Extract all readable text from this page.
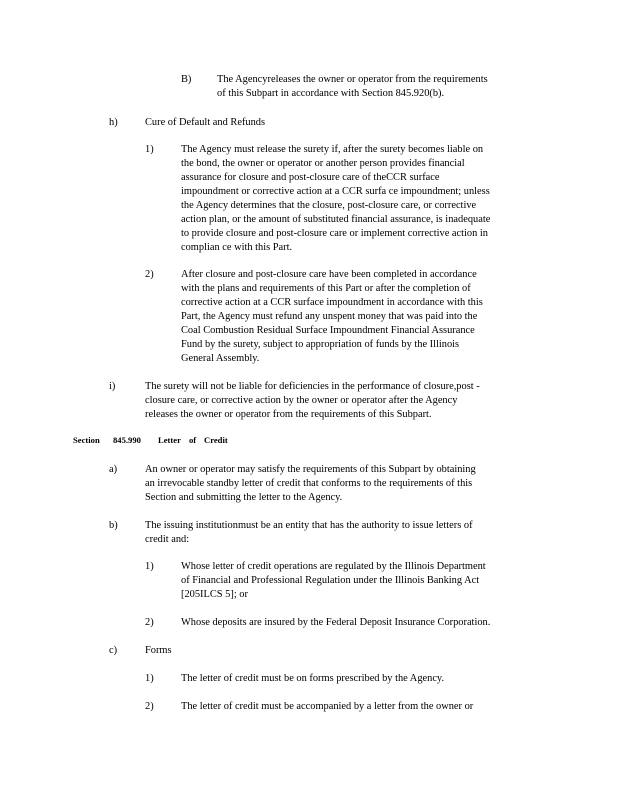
B) The Agencyreleases the owner or operator from the requirements

of this Subpart in accordance with Section 845.920(b).

h)	Cure of Default and Refunds
1)	The Agency must release the surety if, after the surety becomes liable on

the bond, the owner or operator or another person provides financial

assurance for closure and post-closure care of theCCR surface

impoundment or corrective action at a CCR surfa ce impoundment; unless

the Agency determines that the closure, post-closure care, or corrective

action plan, or the amount of substituted financial assurance, is inadequate

to provide closure and post-closure care or implement corrective action in

complian ce with this Part.

2)	After closure and post-closure care have been completed in accordance

with the plans and requirements of this Part or after the completion of

corrective action at a CCR surface impoundment in accordance with this

Part, the Agency must refund any unspent money that was paid into the

Coal Combustion Residual Surface Impoundment Financial Assurance

Fund by the surety, subject to appropriation of funds by the Illinois

General Assembly.

i)	The surety will not be liable for deficiencies in the performance of closure,post -

closure care, or corrective action by the owner or operator after the Agency

releases the owner or operator from the requirements of this Subpart.

Section 845.990 Letter of Credit
a)	An owner or operator may satisfy the requirements of this Subpart by obtaining

an irrevocable standby letter of credit that conforms to the requirements of this

Section and submitting the letter to the Agency.

b)	The issuing institutionmust be an entity that has the authority to issue letters of

credit and:

1)	Whose letter of credit operations are regulated by the Illinois Department

of Financial and Professional Regulation under the Illinois Banking Act

[205ILCS 5]; or

2)	Whose deposits are insured by the Federal Deposit Insurance Corporation.

c)	Forms
1)	The letter of credit must be on forms prescribed by the Agency.

2)	The letter of credit must be accompanied by a letter from the owner or
